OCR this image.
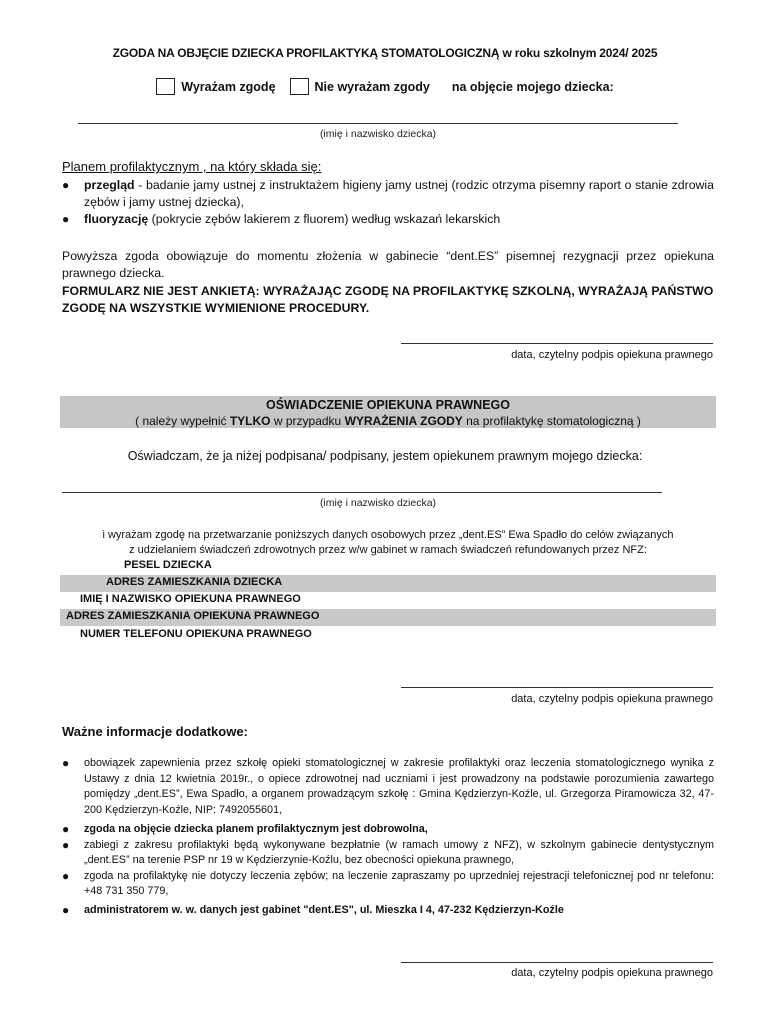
ZGODA NA OBJĘCIE DZIECKA PROFILAKTYKĄ STOMATOLOGICZNĄ w roku szkolnym 2024/ 2025
Wyrażam zgodę	Nie wyrażam zgody na objęcie mojego dziecka:
(imię i nazwisko dziecka)
Planem profilaktycznym , na który składa się:
● przegląd - badanie jamy ustnej z instruktażem higieny jamy ustnej (rodzic otrzyma pisemny raport o stanie zdrowia zębów i jamy ustnej dziecka),
● fluoryzację (pokrycie zębów lakierem z fluorem) według wskazań lekarskich
Powyższa zgoda obowiązuje do momentu złożenia w gabinecie “dent.ES” pisemnej rezygnacji przez opiekuna prawnego dziecka.
FORMULARZ NIE JEST ANKIETĄ: WYRAŻAJĄC ZGODĘ NA PROFILAKTYKĘ SZKOLNĄ, WYRAŻAJĄ PAŃSTWO ZGODĘ NA WSZYSTKIE WYMIENIONE PROCEDURY.
data, czytelny podpis opiekuna prawnego
OŚWIADCZENIE OPIEKUNA PRAWNEGO
( należy wypełnić TYLKO w przypadku WYRAŻENIA ZGODY na profilaktykę stomatologiczną )
Oświadczam, że ja niżej podpisana/ podpisany, jestem opiekunem prawnym mojego dziecka:
(imię i nazwisko dziecka)
i wyrażam zgodę na przetwarzanie poniższych danych osobowych przez „dent.ES” Ewa Spadło do celów związanych
z udzielaniem świadczeń zdrowotnych przez w/w gabinet w ramach świadczeń refundowanych przez NFZ:
PESEL DZIECKA
ADRES ZAMIESZKANIA DZIECKA
IMIĘ I NAZWISKO OPIEKUNA PRAWNEGO
ADRES ZAMIESZKANIA OPIEKUNA PRAWNEGO
NUMER TELEFONU OPIEKUNA PRAWNEGO
data, czytelny podpis opiekuna prawnego
Ważne informacje dodatkowe:
● obowiązek zapewnienia przez szkołę opieki stomatologicznej w zakresie profilaktyki oraz leczenia stomatologicznego wynika z Ustawy z dnia 12 kwietnia 2019r., o opiece zdrowotnej nad uczniami i jest prowadzony na podstawie porozumienia zawartego pomiędzy „dent.ES”, Ewa Spadło, a organem prowadzącym szkołę : Gmina Kędzierzyn-Koźle, ul. Grzegorza Piramowicza 32, 47-200 Kędzierzyn-Koźle, NIP: 7492055601,
● zgoda na objęcie dziecka planem profilaktycznym jest dobrowolna,
● zabiegi z zakresu profilaktyki będą wykonywane bezpłatnie (w ramach umowy z NFZ), w szkolnym gabinecie dentystycznym „dent.ES” na terenie PSP nr 19 w Kędzierzynie-Koźlu, bez obecności opiekuna prawnego,
● zgoda na profilaktykę nie dotyczy leczenia zębów; na leczenie zapraszamy po uprzedniej rejestracji telefonicznej pod nr telefonu: +48 731 350 779,
● administratorem w. w. danych jest gabinet "dent.ES", ul. Mieszka I 4, 47-232 Kędzierzyn-Koźle
data, czytelny podpis opiekuna prawnego
